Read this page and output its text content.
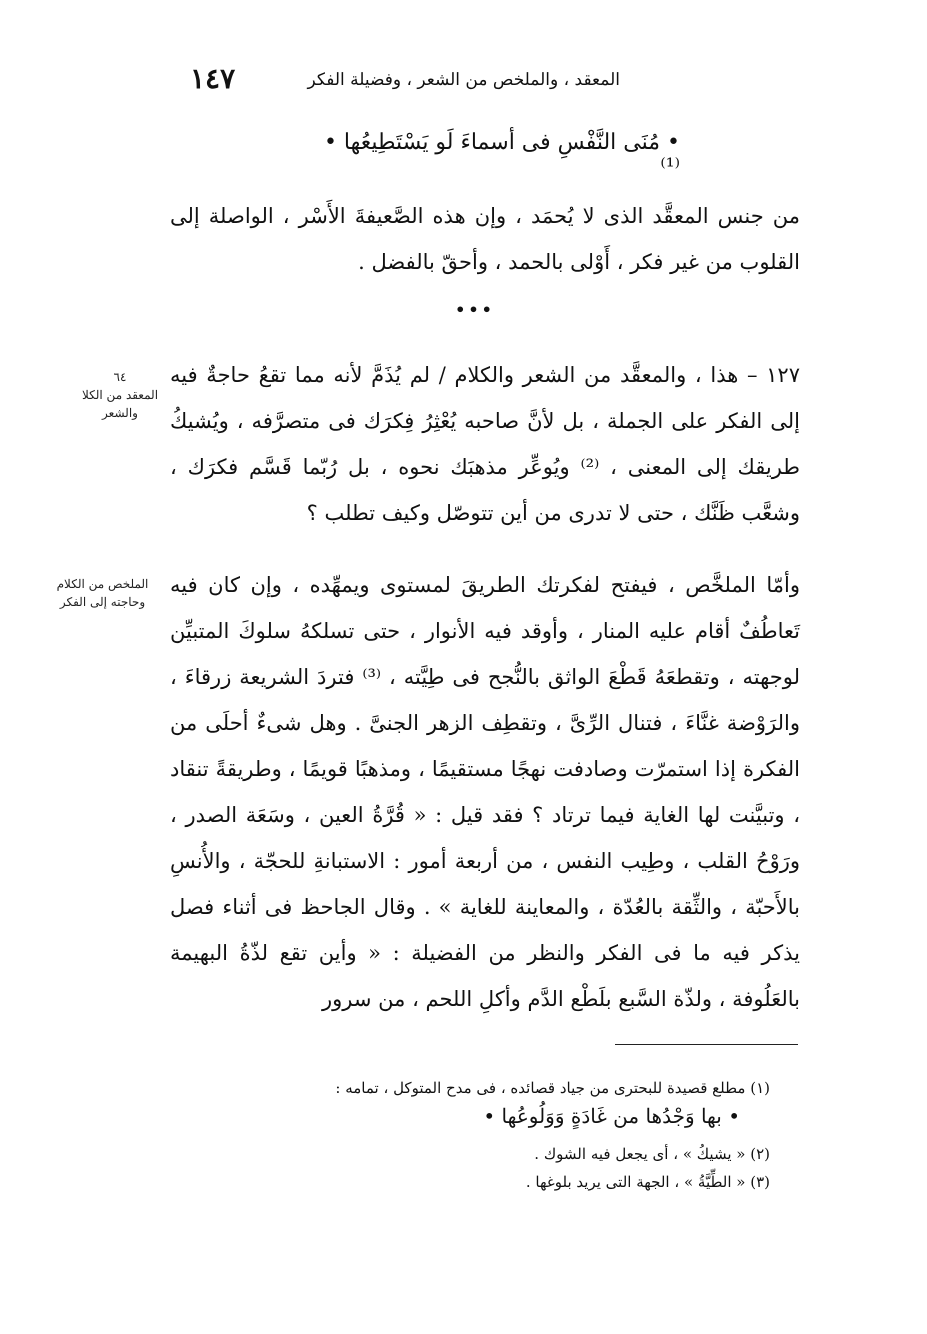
المعقد ، والملخص من الشعر ، وفضيلة الفكر
١٤٧
• مُنَى النَّفْسِ فى أسماءَ لَو يَسْتَطِيعُها • ⁽¹⁾

من جنس المعقَّد الذى لا يُحمَد ، وإن هذه الصَّعيفةَ الأَسْر ، الواصلة إلى القلوب من غير فكر ، أَوْلى بالحمد ، وأحقّ بالفضل .

•••
٦٤
المعقد من الكلا والشعر

١٢٧ – هذا ، والمعقَّد من الشعر والكلام / لم يُذَمَّ لأنه مما تقعُ حاجةٌ فيه إلى الفكر على الجملة ، بل لأنَّ صاحبه يُعْثِرُ فِكرَك فى متصرَّفه ، ويُشيكُ طريقك إلى المعنى ، ⁽²⁾ ويُوعِّر مذهبَك نحوه ، بل رُبّما قَسَّم فكرَك ، وشعَّب ظَنَّك ، حتى لا تدرى من أين تتوصّل وكيف تطلب ؟

الملخص من الكلام وحاجته إلى الفكر

وأمّا الملخَّص ، فيفتح لفكرتك الطريقَ لمستوى ويمهِّده ، وإن كان فيه تَعاطُفٌ أقام عليه المنار ، وأوقد فيه الأنوار ، حتى تسلكهُ سلوكَ المتبيِّن لوجهته ، وتقطعَهُ قَطْعَ الواثق بالنُّجح فى طِيَّته ، ⁽³⁾ فتردَ الشريعة زرقاءَ ، والرَوْضة غنَّاءَ ، فتنال الرِّىَّ ، وتقطِف الزهر الجنىَّ . وهل شىءٌ أحلَى من الفكرة إذا استمرّت وصادفت نهجًا مستقيمًا ، ومذهبًا قويمًا ، وطريقةً تنقاد ، وتبيَّنت لها الغاية فيما ترتاد ؟ فقد قيل : « قُرَّةُ العين ، وسَعَة الصدر ، ورَوْحُ القلب ، وطِيب النفس ، من أربعة أمور : الاستبانةِ للحجّة ، والأُنسِ بالأَحبّة ، والثِّقة بالعُدّة ، والمعاينة للغاية » . وقال الجاحظ فى أثناء فصل يذكر فيه ما فى الفكر والنظر من الفضيلة : « وأين تقع لذّةُ البهيمة بالعَلُوفة ، ولذّة السَّبع بلَطْع الدَّم وأكلِ اللحم ، من سرور

(١) مطلع قصيدة للبحترى من جياد قصائده ، فى مدح المتوكل ، تمامه :

• بها وَجْدُها من غَادَةٍ وَوَلُوعُها •

(٢) « يشيكُ » ، أى يجعل فيه الشوك .

(٣) « الطِّيَّةُ » ، الجهة التى يريد بلوغها .
